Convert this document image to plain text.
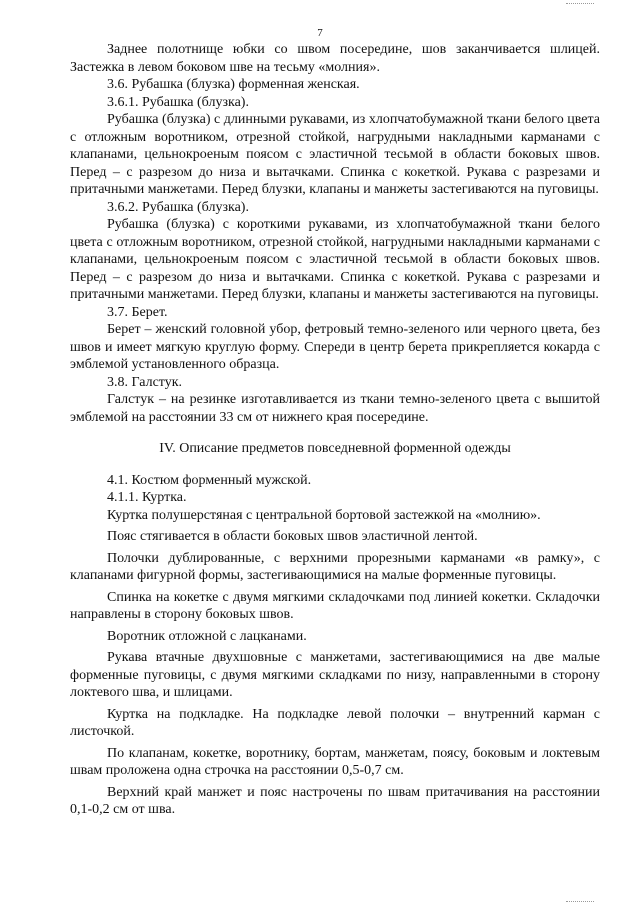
7

Заднее полотнище юбки со швом посередине, шов заканчивается шлицей. Застежка в левом боковом шве на тесьму «молния».

3.6. Рубашка (блузка) форменная женская.

3.6.1. Рубашка (блузка).

Рубашка (блузка) с длинными рукавами, из хлопчатобумажной ткани белого цвета с отложным воротником, отрезной стойкой, нагрудными накладными карманами с клапанами, цельнокроеным поясом с эластичной тесьмой в области боковых швов. Перед – с разрезом до низа и вытачками. Спинка с кокеткой. Рукава с разрезами и притачными манжетами. Перед блузки, клапаны и манжеты застегиваются на пуговицы.

3.6.2. Рубашка (блузка).

Рубашка (блузка) с короткими рукавами, из хлопчатобумажной ткани белого цвета с отложным воротником, отрезной стойкой, нагрудными накладными карманами с клапанами, цельнокроеным поясом с эластичной тесьмой в области боковых швов. Перед – с разрезом до низа и вытачками. Спинка с кокеткой. Рукава с разрезами и притачными манжетами. Перед блузки, клапаны и манжеты застегиваются на пуговицы.

3.7. Берет.

Берет – женский головной убор, фетровый темно-зеленого или черного цвета, без швов и имеет мягкую круглую форму. Спереди в центр берета прикрепляется кокарда с эмблемой установленного образца.

3.8. Галстук.

Галстук – на резинке изготавливается из ткани темно-зеленого цвета с вышитой эмблемой на расстоянии 33 см от нижнего края посередине.

IV. Описание предметов повседневной форменной одежды

4.1. Костюм форменный мужской.

4.1.1. Куртка.

Куртка полушерстяная с центральной бортовой застежкой на «молнию».

Пояс стягивается в области боковых швов эластичной лентой.

Полочки дублированные, с верхними прорезными карманами «в рамку», с клапанами фигурной формы, застегивающимися на малые форменные пуговицы.

Спинка на кокетке с двумя мягкими складочками под линией кокетки. Складочки направлены в сторону боковых швов.

Воротник отложной с лацканами.

Рукава втачные двухшовные с манжетами, застегивающимися на две малые форменные пуговицы, с двумя мягкими складками по низу, направленными в сторону локтевого шва, и шлицами.

Куртка на подкладке. На подкладке левой полочки – внутренний карман с листочкой.

По клапанам, кокетке, воротнику, бортам, манжетам, поясу, боковым и локтевым швам проложена одна строчка на расстоянии 0,5-0,7 см.

Верхний край манжет и пояс настрочены по швам притачивания на расстоянии 0,1-0,2 см от шва.
